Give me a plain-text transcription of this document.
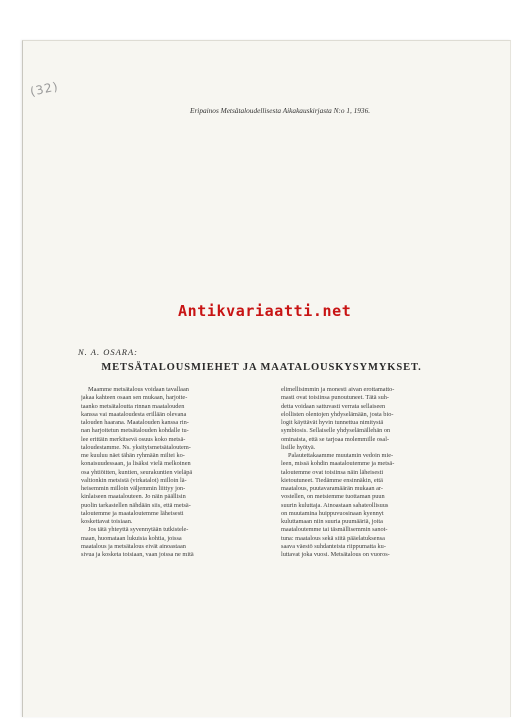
(32)
Eripainos Metsätaloudellisesta Aikakauskirjasta N:o 1, 1936.
Antikvariaatti.net
N. A. OSARA:
METSÄTALOUSMIEHET JA MAATALOUSKYSYMYKSET.
Maamme metsätalous voidaan tavallaan
jakaa kahteen osaan sen mukaan, harjoite-
taanko metsätaloutta rinnan maatalouden
kanssa vai maataloudesta erillään olevana
talouden haarana. Maatalouden kanssa rin-
nan harjoitetun metsätalouden kohdalle tu-
lee erittäin merkitsevä osuus koko metsä-
taloudestamme. Ns. yksityismetsätaloutem-
me kuuluu näet tähän ryhmään miltei ko-
konaisuudessaan, ja lisäksi vielä melkoinen
osa yhtiöitten, kuntien, seurakuntien vieläpä
valtionkin metsistä (virkatalot) milloin lä-
heisemmin milloin väljemmin liittyy jon-
kinlaiseen maatalouteen. Jo näin päällisin
puolin tarkastellen nähdään siis, että metsä-
taloutemme ja maataloutemme läheisesti
koskettavat toisiaan.
Jos tätä yhteyttä syvennytään tutkistele-
maan, huomataan lukuisia kohtia, joissa
maatalous ja metsätalous eivät ainoastaan
sivua ja kosketa toisiaan, vaan joissa ne mitä
elimellisimmin ja monesti aivan erottamatto-
masti ovat toisiinsa punoutuneet. Tätä suh-
detta voidaan sattuvasti verrata sellaiseen
elollisten olentojen yhdyselämään, josta bio-
logit käyttävät hyvin tunnettua nimitystä
symbiosis. Sellaiselle yhdyselämällehän on
ominaista, että se tarjoaa molemmille osal-
lisille hyötyä.
Palautettakaamme muutamin vedoin mie-
leen, missä kohdin maataloutemme ja metsä-
taloutemme ovat toisiinsa näin läheisesti
kietoutuneet. Tiedämme ensinnäkin, että
maatalous, puutavaramäärän mukaan ar-
vostellen, on metsiemme tuottaman puun
suurin kuluttaja. Ainoastaan sahateollisuus
on muutamina huippuvuosinaan kyennyt
kuluttamaan niin suuria puumääriä, joita
maataloutemme tai täsmällisemmin sanot-
tuna: maatalous sekä siitä pääelatuksensa
saava väestö suhdanteista riippumatta ku-
luttavat joka vuosi. Metsätalous on vuoros-
